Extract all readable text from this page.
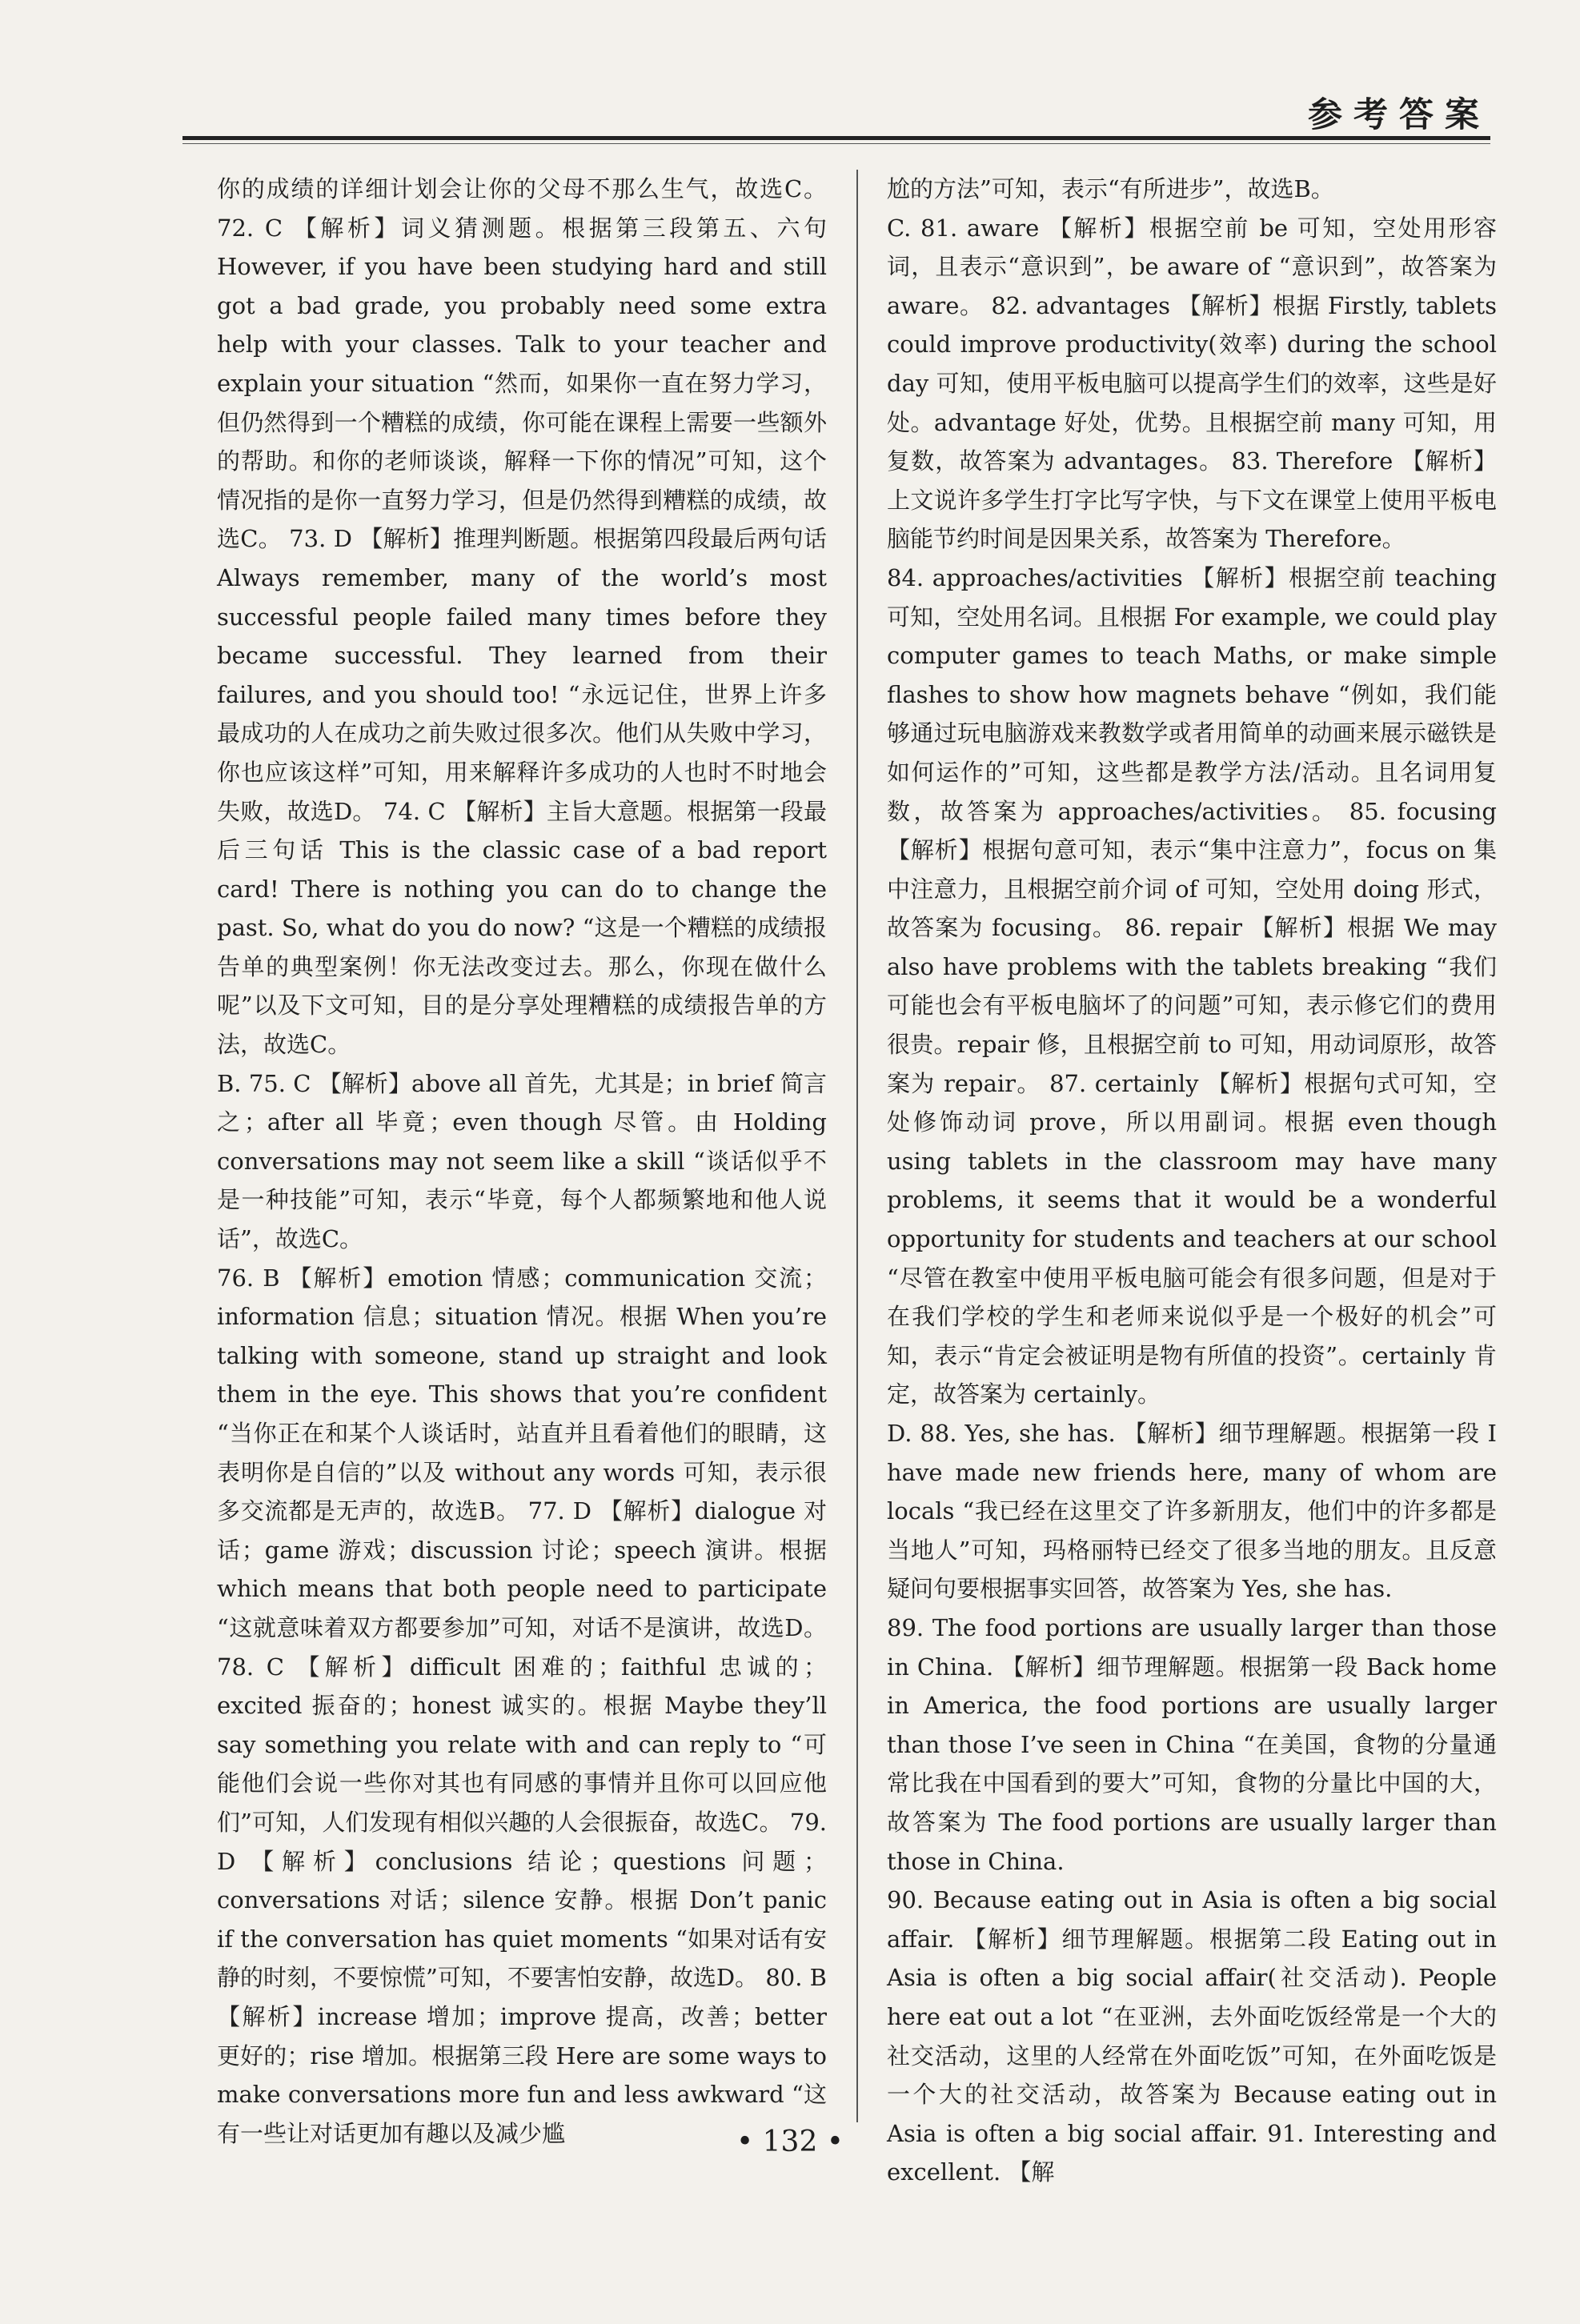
参考答案

你的成绩的详细计划会让你的父母不那么生气，故选C。 72. C 【解析】词义猜测题。根据第三段第五、六句 However, if you have been studying hard and still got a bad grade, you probably need some extra help with your classes. Talk to your teacher and explain your situation “然而，如果你一直在努力学习，但仍然得到一个糟糕的成绩，你可能在课程上需要一些额外的帮助。和你的老师谈谈，解释一下你的情况”可知，这个情况指的是你一直努力学习，但是仍然得到糟糕的成绩，故选C。 73. D 【解析】推理判断题。根据第四段最后两句话 Always remember, many of the world’s most successful people failed many times before they became successful. They learned from their failures, and you should too! “永远记住，世界上许多最成功的人在成功之前失败过很多次。他们从失败中学习，你也应该这样”可知，用来解释许多成功的人也时不时地会失败，故选D。 74. C 【解析】主旨大意题。根据第一段最后三句话 This is the classic case of a bad report card! There is nothing you can do to change the past. So, what do you do now? “这是一个糟糕的成绩报告单的典型案例！你无法改变过去。那么，你现在做什么呢”以及下文可知，目的是分享处理糟糕的成绩报告单的方法，故选C。

B. 75. C 【解析】above all 首先，尤其是；in brief 简言之；after all 毕竟；even though 尽管。由 Holding conversations may not seem like a skill “谈话似乎不是一种技能”可知，表示“毕竟，每个人都频繁地和他人说话”，故选C。

76. B 【解析】emotion 情感；communication 交流；information 信息；situation 情况。根据 When you’re talking with someone, stand up straight and look them in the eye. This shows that you’re confident “当你正在和某个人谈话时，站直并且看着他们的眼睛，这表明你是自信的”以及 without any words 可知，表示很多交流都是无声的，故选B。 77. D 【解析】dialogue 对话；game 游戏；discussion 讨论；speech 演讲。根据 which means that both people need to participate “这就意味着双方都要参加”可知，对话不是演讲，故选D。 78. C 【解析】difficult 困难的；faithful 忠诚的；excited 振奋的；honest 诚实的。根据 Maybe they’ll say something you relate with and can reply to “可能他们会说一些你对其也有同感的事情并且你可以回应他们”可知，人们发现有相似兴趣的人会很振奋，故选C。 79. D 【解析】conclusions 结论；questions 问题；conversations 对话；silence 安静。根据 Don’t panic if the conversation has quiet moments “如果对话有安静的时刻，不要惊慌”可知，不要害怕安静，故选D。 80. B 【解析】increase 增加；improve 提高，改善；better 更好的；rise 增加。根据第三段 Here are some ways to make conversations more fun and less awkward “这有一些让对话更加有趣以及减少尴

尬的方法”可知，表示“有所进步”，故选B。

C. 81. aware 【解析】根据空前 be 可知，空处用形容词，且表示“意识到”，be aware of “意识到”，故答案为 aware。 82. advantages 【解析】根据 Firstly, tablets could improve productivity(效率) during the school day 可知，使用平板电脑可以提高学生们的效率，这些是好处。advantage 好处，优势。且根据空前 many 可知，用复数，故答案为 advantages。 83. Therefore 【解析】上文说许多学生打字比写字快，与下文在课堂上使用平板电脑能节约时间是因果关系，故答案为 Therefore。

84. approaches/activities 【解析】根据空前 teaching 可知，空处用名词。且根据 For example, we could play computer games to teach Maths, or make simple flashes to show how magnets behave “例如，我们能够通过玩电脑游戏来教数学或者用简单的动画来展示磁铁是如何运作的”可知，这些都是教学方法/活动。且名词用复数，故答案为 approaches/activities。 85. focusing 【解析】根据句意可知，表示“集中注意力”，focus on 集中注意力，且根据空前介词 of 可知，空处用 doing 形式，故答案为 focusing。 86. repair 【解析】根据 We may also have problems with the tablets breaking “我们可能也会有平板电脑坏了的问题”可知，表示修它们的费用很贵。repair 修，且根据空前 to 可知，用动词原形，故答案为 repair。 87. certainly 【解析】根据句式可知，空处修饰动词 prove，所以用副词。根据 even though using tablets in the classroom may have many problems, it seems that it would be a wonderful opportunity for students and teachers at our school “尽管在教室中使用平板电脑可能会有很多问题，但是对于在我们学校的学生和老师来说似乎是一个极好的机会”可知，表示“肯定会被证明是物有所值的投资”。certainly 肯定，故答案为 certainly。

D. 88. Yes, she has. 【解析】细节理解题。根据第一段 I have made new friends here, many of whom are locals “我已经在这里交了许多新朋友，他们中的许多都是当地人”可知，玛格丽特已经交了很多当地的朋友。且反意疑问句要根据事实回答，故答案为 Yes, she has.

89. The food portions are usually larger than those in China. 【解析】细节理解题。根据第一段 Back home in America, the food portions are usually larger than those I’ve seen in China “在美国，食物的分量通常比我在中国看到的要大”可知，食物的分量比中国的大，故答案为 The food portions are usually larger than those in China.

90. Because eating out in Asia is often a big social affair. 【解析】细节理解题。根据第二段 Eating out in Asia is often a big social affair(社交活动). People here eat out a lot “在亚洲，去外面吃饭经常是一个大的社交活动，这里的人经常在外面吃饭”可知，在外面吃饭是一个大的社交活动，故答案为 Because eating out in Asia is often a big social affair. 91. Interesting and excellent. 【解

• 132 •
